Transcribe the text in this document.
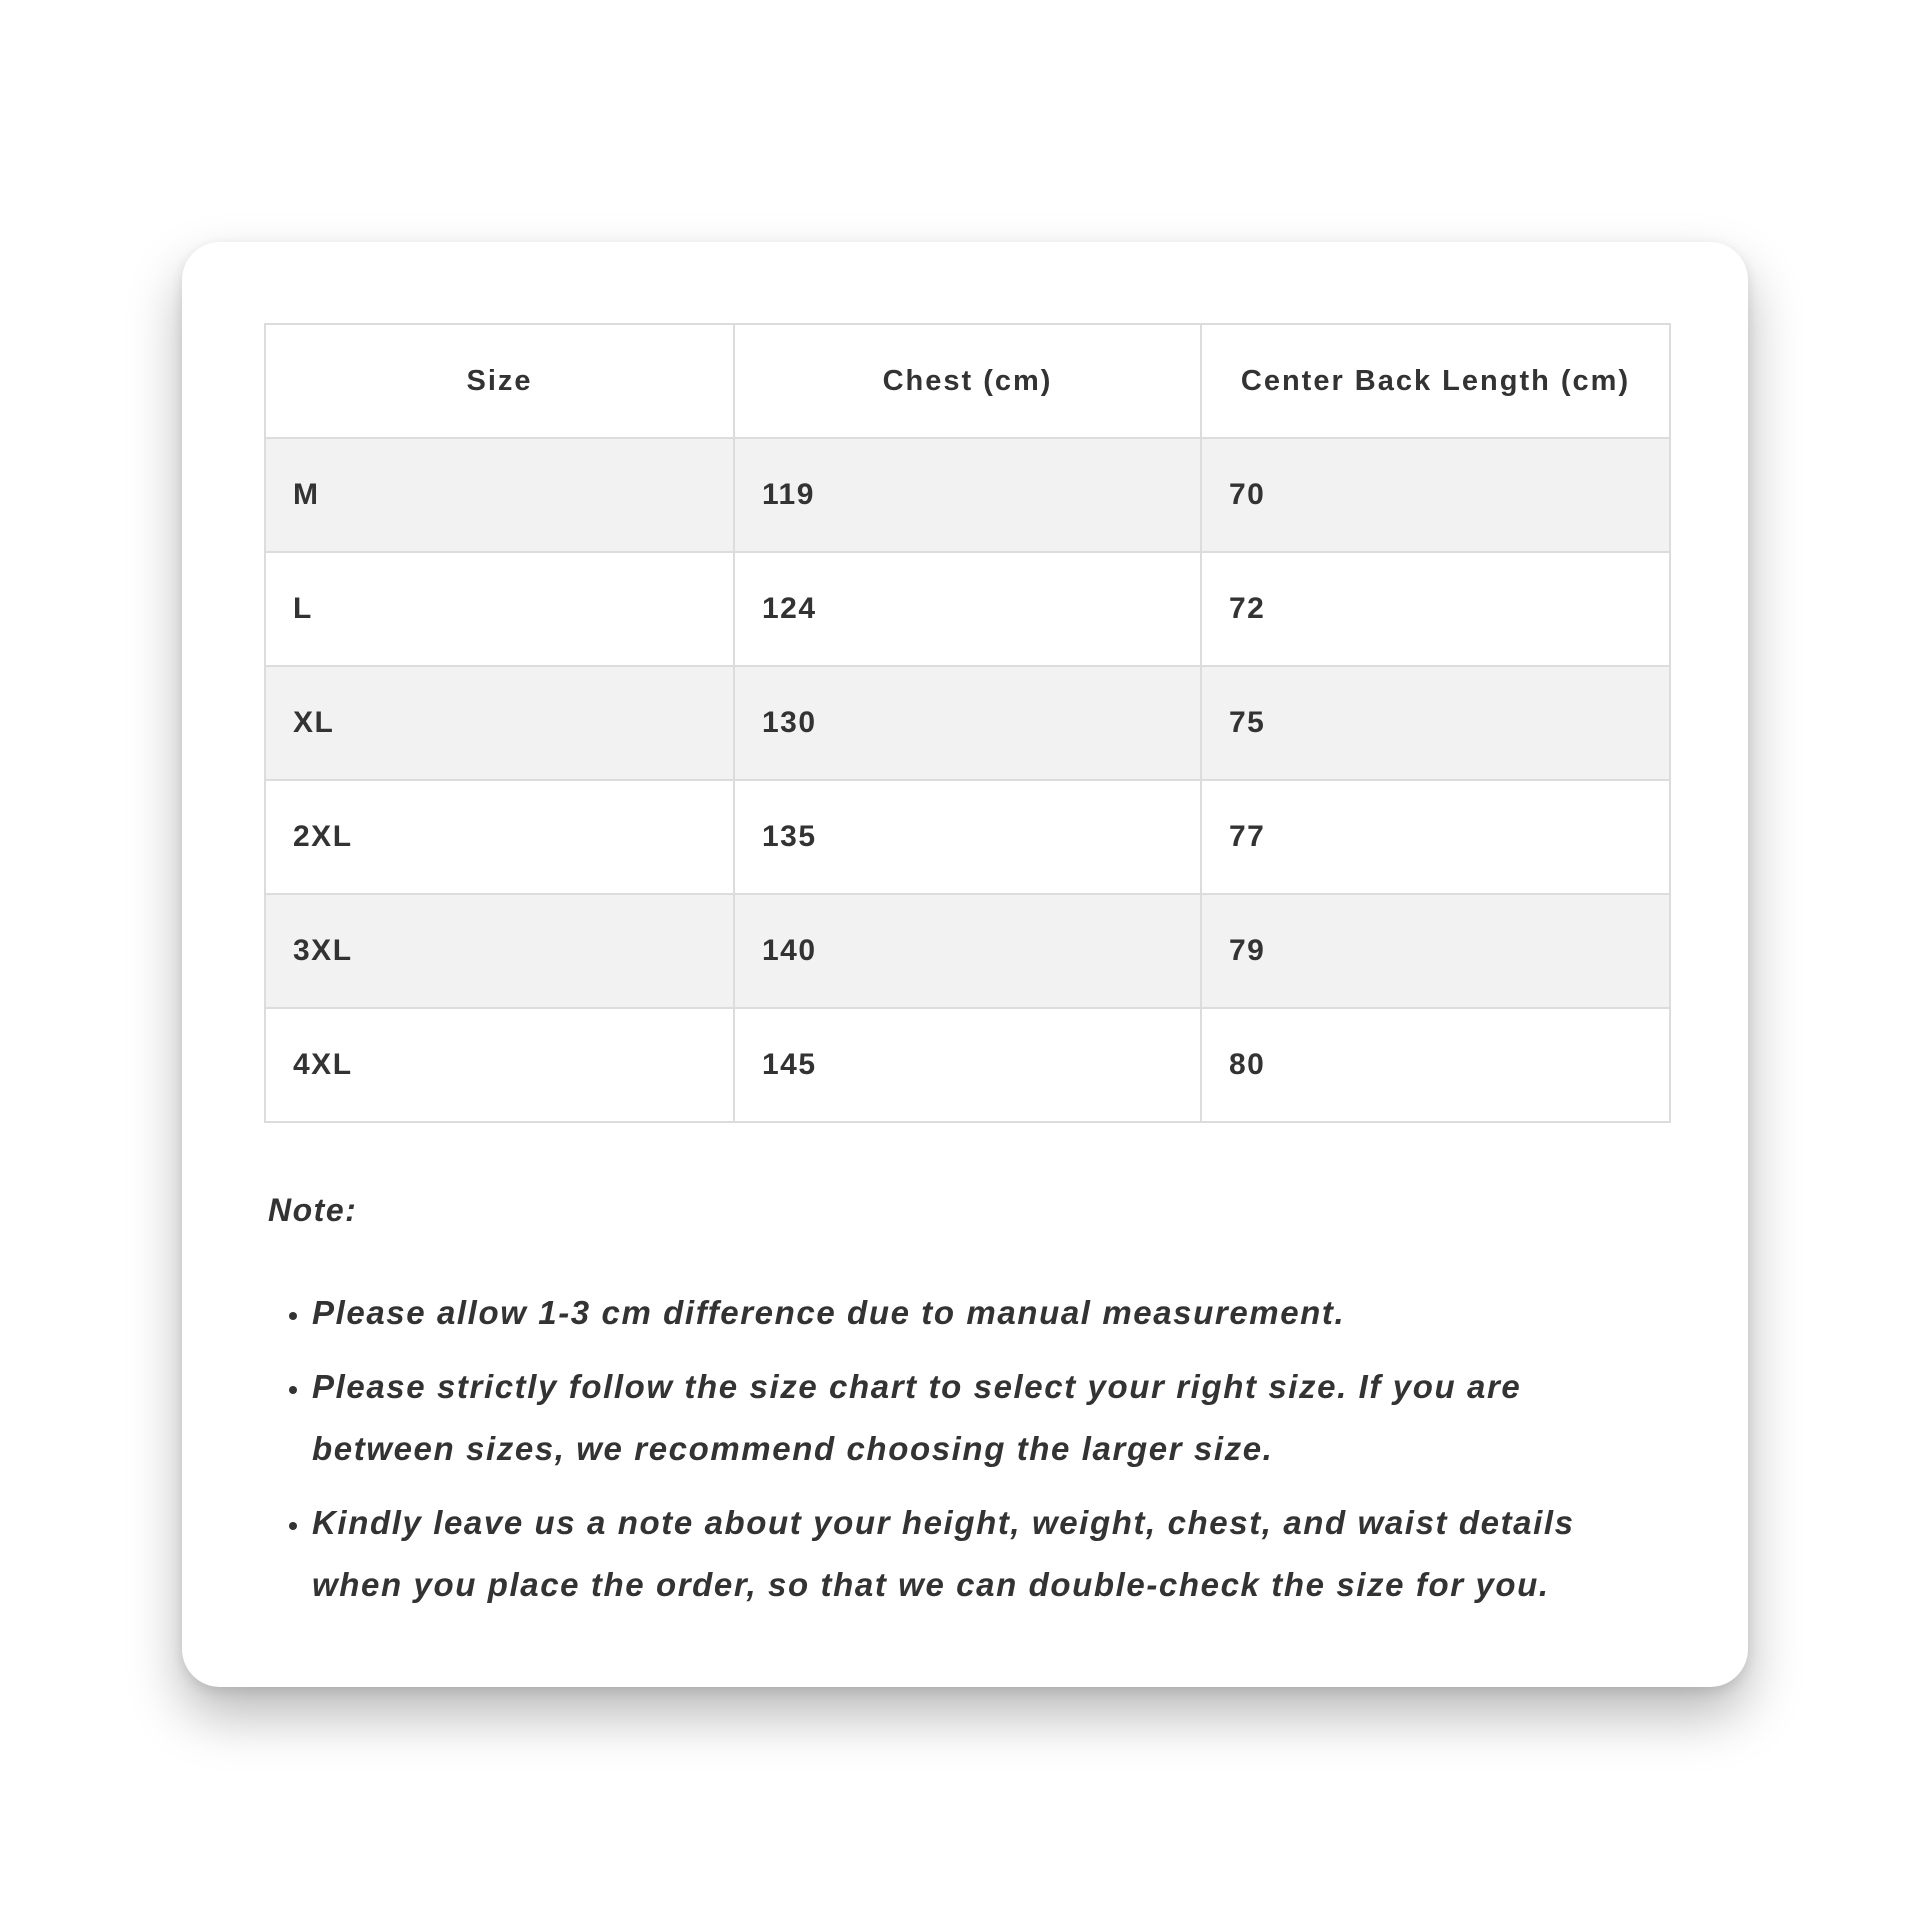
Size	Chest (cm)	Center Back Length (cm)
M	119	70
L	124	72
XL	130	75
2XL	135	77
3XL	140	79
4XL	145	80

Note:

• Please allow 1-3 cm difference due to manual measurement.
• Please strictly follow the size chart to select your right size. If you are between sizes, we recommend choosing the larger size.
• Kindly leave us a note about your height, weight, chest, and waist details when you place the order, so that we can double-check the size for you.
